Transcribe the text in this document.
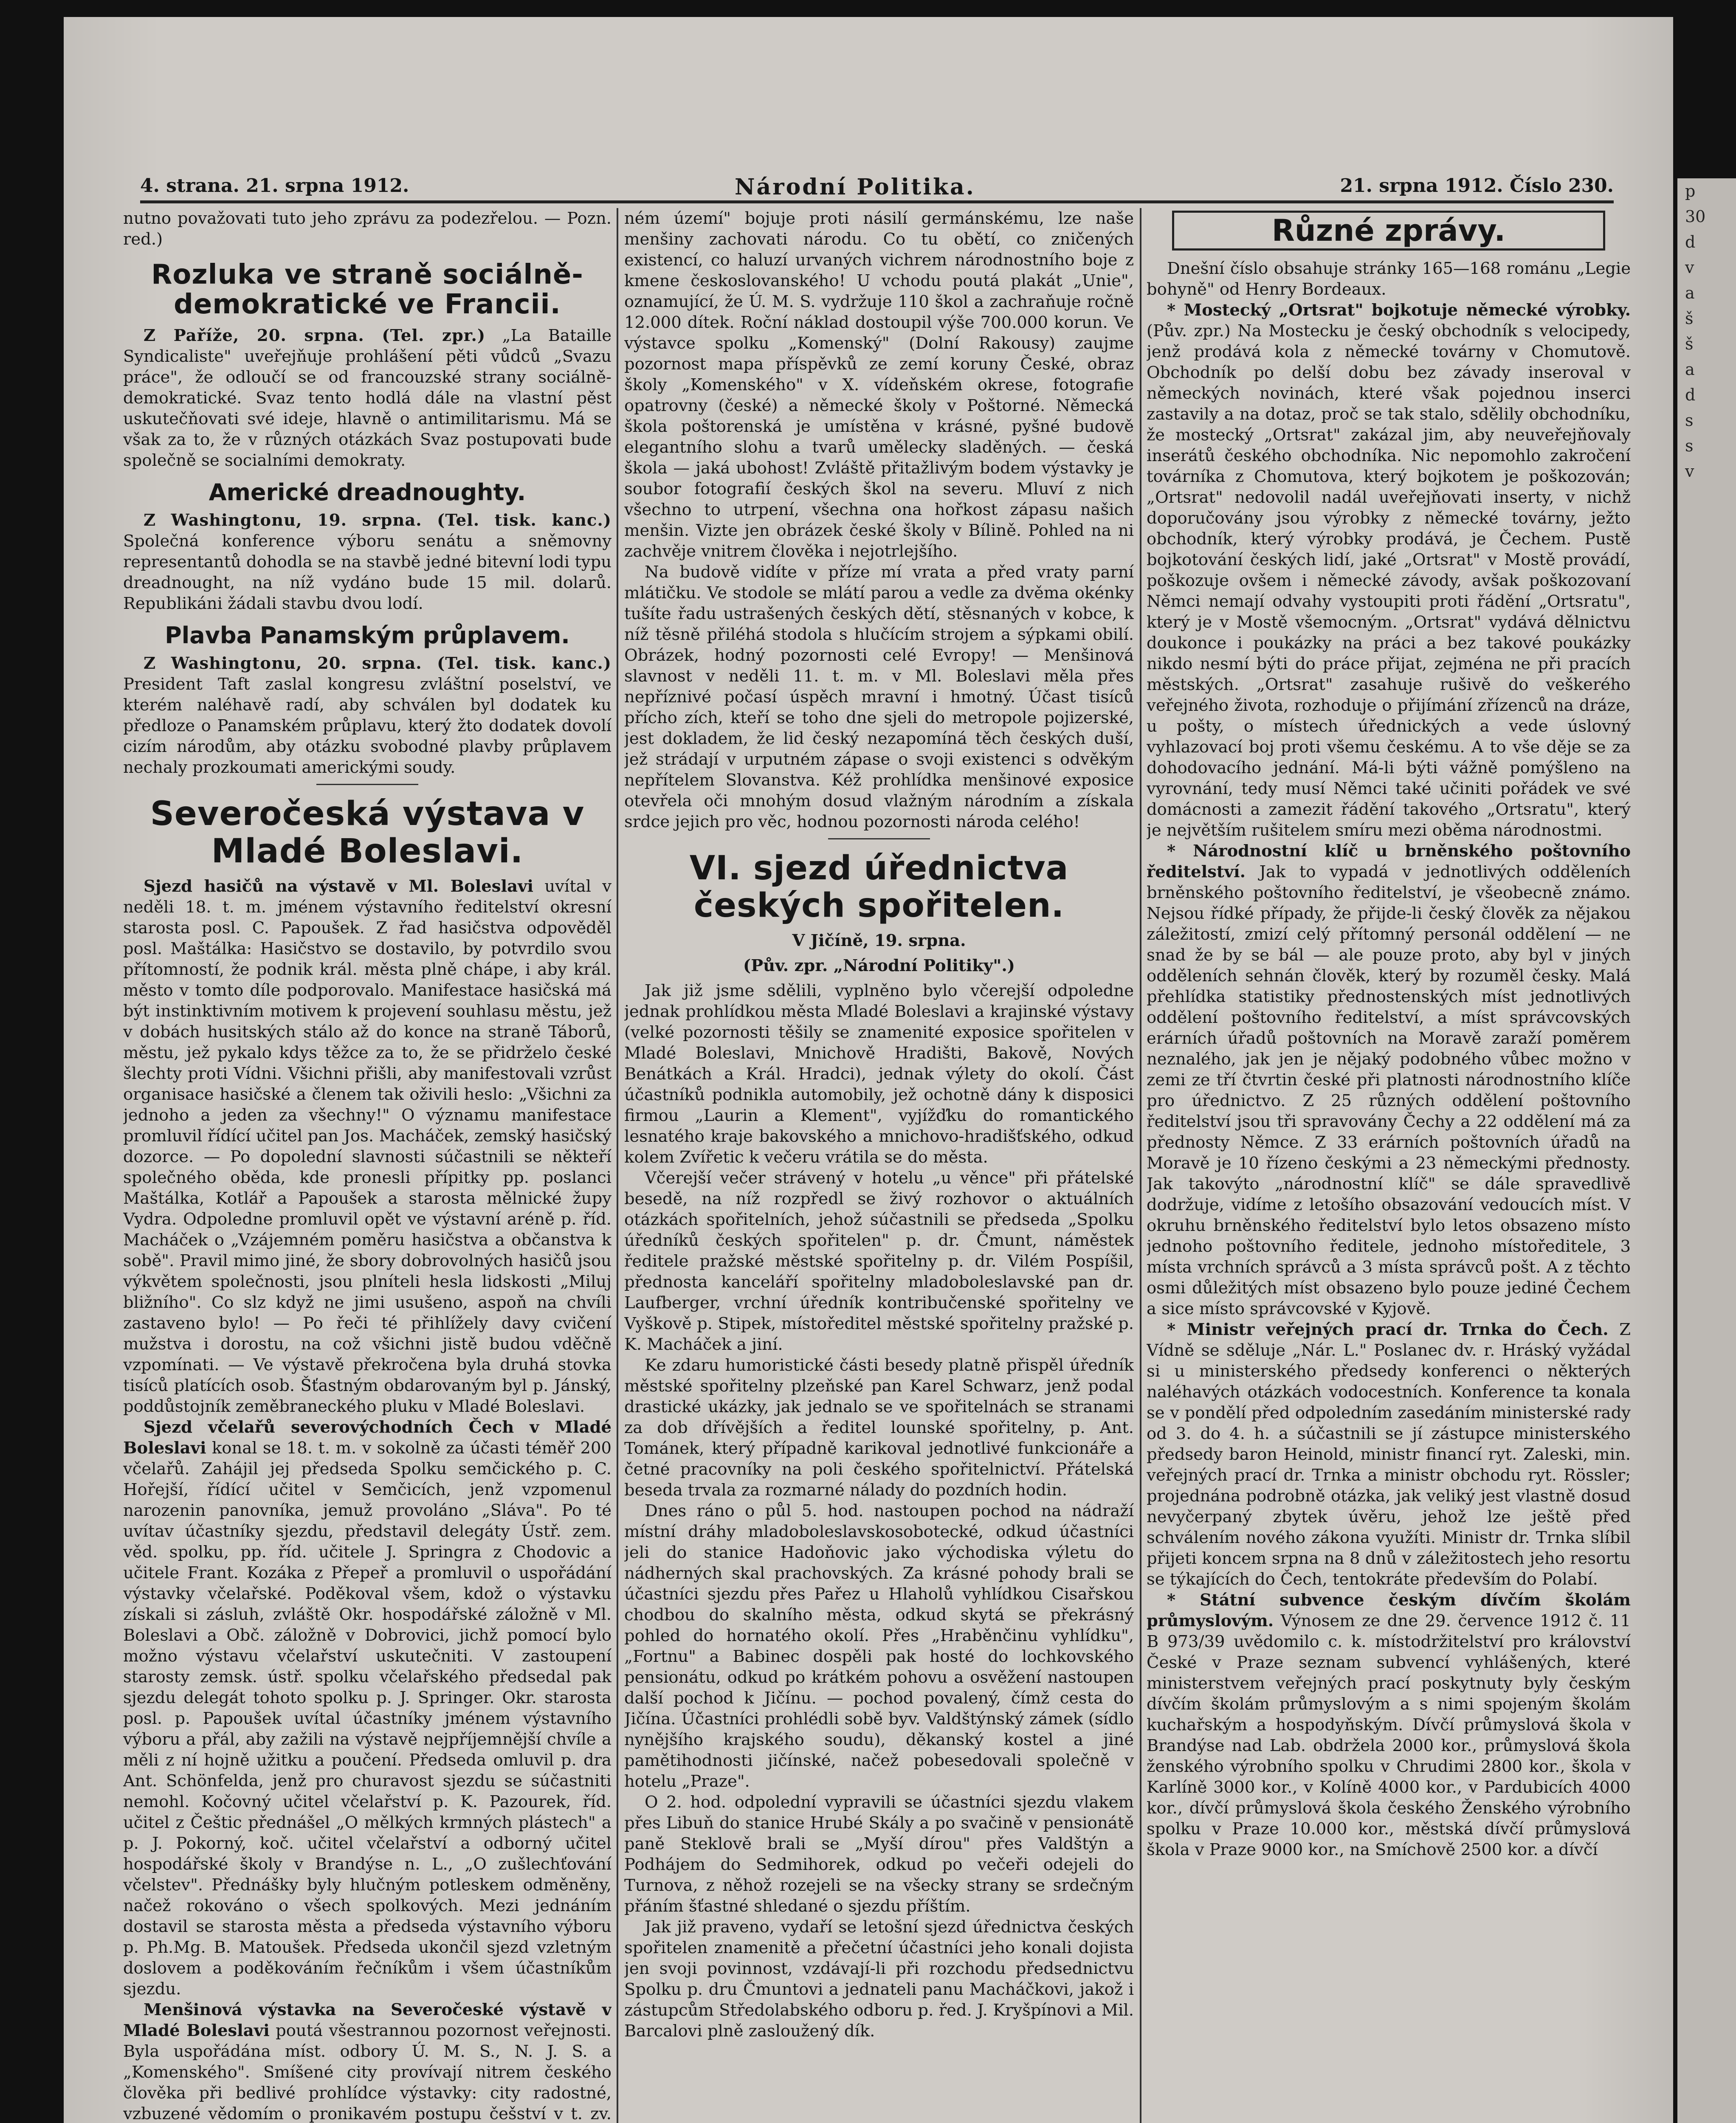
p
30
d
v
a
š
š
a
d
s
s
v
4. strana. 21. srpna 1912.	Národní Politika.	21. srpna 1912. Číslo 230.

nutno považovati tuto jeho zprávu za podezřelou. — Pozn. red.)

Rozluka ve straně sociálně-demokratické ve Francii.

Z Paříže, 20. srpna. (Tel. zpr.) „La Bataille Syndicaliste" uveřejňuje prohlášení pěti vůdců „Svazu práce", že odloučí se od francouzské strany sociálně-demokratické. Svaz tento hodlá dále na vlastní pěst uskutečňovati své ideje, hlavně o antimilitarismu. Má se však za to, že v různých otázkách Svaz postupovati bude společně se socialními demokraty.

Americké dreadnoughty.

Z Washingtonu, 19. srpna. (Tel. tisk. kanc.) Společná konference výboru senátu a sněmovny representantů dohodla se na stavbě jedné bitevní lodi typu dreadnought, na níž vydáno bude 15 mil. dolarů. Republikáni žádali stavbu dvou lodí.

Plavba Panamským průplavem.

Z Washingtonu, 20. srpna. (Tel. tisk. kanc.) President Taft zaslal kongresu zvláštní poselství, ve kterém naléhavě radí, aby schválen byl dodatek ku předloze o Panamském průplavu, který žto dodatek dovolí cizím národům, aby otázku svobodné plavby průplavem nechaly prozkoumati americkými soudy.

Severočeská výstava v Mladé Boleslavi.

Sjezd hasičů na výstavě v Ml. Boleslavi uvítal v neděli 18. t. m. jménem výstavního ředitelství okresní starosta posl. C. Papoušek. Z řad hasičstva odpověděl posl. Maštálka: Hasičstvo se dostavilo, by potvrdilo svou přítomností, že podnik král. města plně chápe, i aby král. město v tomto díle podporovalo. Manifestace hasičská má být instinktivním motivem k projevení souhlasu městu, jež v dobách husitských stálo až do konce na straně Táborů, městu, jež pykalo kdys těžce za to, že se přidrželo české šlechty proti Vídni. Všichni přišli, aby manifestovali vzrůst organisace hasičské a členem tak oživili heslo: „Všichni za jednoho a jeden za všechny!" O významu manifestace promluvil řídící učitel pan Jos. Macháček, zemský hasičský dozorce. — Po dopolední slavnosti súčastnili se někteří společného oběda, kde pronesli přípitky pp. poslanci Maštálka, Kotlář a Papoušek a starosta mělnické župy Vydra. Odpoledne promluvil opět ve výstavní aréně p. říd. Macháček o „Vzájemném poměru hasičstva a občanstva k sobě". Pravil mimo jiné, že sbory dobrovolných hasičů jsou výkvětem společnosti, jsou plníteli hesla lidskosti „Miluj bližního". Co slz když ne jimi usušeno, aspoň na chvíli zastaveno bylo! — Po řeči té přihlížely davy cvičení mužstva i dorostu, na což všichni jistě budou vděčně vzpomínati. — Ve výstavě překročena byla druhá stovka tisíců platících osob. Šťastným obdarovaným byl p. Jánský, poddůstojník zeměbraneckého pluku v Mladé Boleslavi.

Sjezd včelařů severovýchodních Čech v Mladé Boleslavi konal se 18. t. m. v sokolně za účasti téměř 200 včelařů. Zahájil jej předseda Spolku semčického p. C. Hořejší, řídící učitel v Semčicích, jenž vzpomenul narozenin panovníka, jemuž provoláno „Sláva". Po té uvítav účastníky sjezdu, představil delegáty Ústř. zem. věd. spolku, pp. říd. učitele J. Springra z Chodovic a učitele Frant. Kozáka z Přepeř a promluvil o uspořádání výstavky včelařské. Poděkoval všem, kdož o výstavku získali si zásluh, zvláště Okr. hospodářské záložně v Ml. Boleslavi a Obč. záložně v Dobrovici, jichž pomocí bylo možno výstavu včelařství uskutečniti. V zastoupení starosty zemsk. ústř. spolku včelařského předsedal pak sjezdu delegát tohoto spolku p. J. Springer. Okr. starosta posl. p. Papoušek uvítal účastníky jménem výstavního výboru a přál, aby zažili na výstavě nejpříjemnější chvíle a měli z ní hojně užitku a poučení. Předseda omluvil p. dra Ant. Schönfelda, jenž pro churavost sjezdu se súčastniti nemohl. Kočovný učitel včelařství p. K. Pazourek, říd. učitel z Češtic přednášel „O mělkých krmných plástech" a p. J. Pokorný, koč. učitel včelařství a odborný učitel hospodářské školy v Brandýse n. L., „O zušlechťování včelstev". Přednášky byly hlučným potleskem odměněny, načež rokováno o všech spolkových. Mezi jednáním dostavil se starosta města a předseda výstavního výboru p. Ph.Mg. B. Matoušek. Předseda ukončil sjezd vzletným doslovem a poděkováním řečníkům i všem účastníkům sjezdu.

Menšinová výstavka na Severočeské výstavě v Mladé Boleslavi poutá všestrannou pozornost veřejnosti. Byla uspořádána míst. odbory Ú. M. S., N. J. S. a „Komenského". Smíšené city provívají nitrem českého člověka při bedlivé prohlídce výstavky: city radostné, vzbuzené vědomím o pronikavém postupu češství v t. zv.

ném území" bojuje proti násilí germánskému, lze naše menšiny zachovati národu. Co tu obětí, co zničených existencí, co haluzí urvaných vichrem národnostního boje z kmene českoslovanského! U vchodu poutá plakát „Unie", oznamující, že Ú. M. S. vydržuje 110 škol a zachraňuje ročně 12.000 dítek. Roční náklad dostoupil výše 700.000 korun. Ve výstavce spolku „Komenský" (Dolní Rakousy) zaujme pozornost mapa příspěvků ze zemí koruny České, obraz školy „Komenského" v X. vídeňském okrese, fotografie opatrovny (české) a německé školy v Poštorné. Německá škola poštorenská je umístěna v krásné, pyšné budově elegantního slohu a tvarů umělecky sladěných. — česká škola — jaká ubohost! Zvláště přitažlivým bodem výstavky je soubor fotografií českých škol na severu. Mluví z nich všechno to utrpení, všechna ona hořkost zápasu našich menšin. Vizte jen obrázek české školy v Bílině. Pohled na ni zachvěje vnitrem člověka i nejotrlejšího.

Na budově vidíte v příze mí vrata a před vraty parní mlátičku. Ve stodole se mlátí parou a vedle za dvěma okénky tušíte řadu ustrašených českých dětí, stěsnaných v kobce, k níž těsně přiléhá stodola s hlučícím strojem a sýpkami obilí. Obrázek, hodný pozornosti celé Evropy! — Menšinová slavnost v neděli 11. t. m. v Ml. Boleslavi měla přes nepříznivé počasí úspěch mravní i hmotný. Účast tisíců přícho zích, kteří se toho dne sjeli do metropole pojizerské, jest dokladem, že lid český nezapomíná těch českých duší, jež strádají v urputném zápase o svoji existenci s odvěkým nepřítelem Slovanstva. Kéž prohlídka menšinové exposice otevřela oči mnohým dosud vlažným národním a získala srdce jejich pro věc, hodnou pozornosti národa celého!

VI. sjezd úřednictva českých spořitelen.

V Jičíně, 19. srpna.

(Pův. zpr. „Národní Politiky".)

Jak již jsme sdělili, vyplněno bylo včerejší odpoledne jednak prohlídkou města Mladé Boleslavi a krajinské výstavy (velké pozornosti těšily se znamenité exposice spořitelen v Mladé Boleslavi, Mnichově Hradišti, Bakově, Nových Benátkách a Král. Hradci), jednak výlety do okolí. Část účastníků podnikla automobily, jež ochotně dány k disposici firmou „Laurin a Klement", vyjížďku do romantického lesnatého kraje bakovského a mnichovo-hradišťského, odkud kolem Zvířetic k večeru vrátila se do města.

Včerejší večer strávený v hotelu „u věnce" při přátelské besedě, na níž rozpředl se živý rozhovor o aktuálních otázkách spořitelních, jehož súčastnili se předseda „Spolku úředníků českých spořitelen" p. dr. Čmunt, náměstek ředitele pražské městské spořitelny p. dr. Vilém Pospíšil, přednosta kanceláří spořitelny mladoboleslavské pan dr. Laufberger, vrchní úředník kontribučenské spořitelny ve Vyškově p. Stipek, místoředitel městské spořitelny pražské p. K. Macháček a jiní.

Ke zdaru humoristické části besedy platně přispěl úředník městské spořitelny plzeňské pan Karel Schwarz, jenž podal drastické ukázky, jak jednalo se ve spořitelnách se stranami za dob dřívějších a ředitel lounské spořitelny, p. Ant. Tománek, který případně karikoval jednotlivé funkcionáře a četné pracovníky na poli českého spořitelnictví. Přátelská beseda trvala za rozmarné nálady do pozdních hodin.

Dnes ráno o půl 5. hod. nastoupen pochod na nádraží místní dráhy mladoboleslavskosobotecké, odkud účastníci jeli do stanice Hadoňovic jako východiska výletu do nádherných skal prachovských. Za krásné pohody brali se účastníci sjezdu přes Pařez u Hlaholů vyhlídkou Cisařskou chodbou do skalního města, odkud skytá se překrásný pohled do hornatého okolí. Přes „Hraběnčinu vyhlídku", „Fortnu" a Babinec dospěli pak hosté do lochkovského pensionátu, odkud po krátkém pohovu a osvěžení nastoupen další pochod k Jičínu. — pochod povalený, čímž cesta do Jičína. Účastníci prohlédli sobě byv. Valdštýnský zámek (sídlo nynějšího krajského soudu), děkanský kostel a jiné pamětihodnosti jičínské, načež pobesedovali společně v hotelu „Praze".

O 2. hod. odpolední vypravili se účastníci sjezdu vlakem přes Libuň do stanice Hrubé Skály a po svačině v pensionátě paně Steklově brali se „Myší dírou" přes Valdštýn a Podhájem do Sedmihorek, odkud po večeři odejeli do Turnova, z něhož rozejeli se na všecky strany se srdečným přáním šťastné shledané o sjezdu příštím.

Jak již praveno, vydaří se letošní sjezd úřednictva českých spořitelen znamenitě a přečetní účastníci jeho konali dojista jen svoji povinnost, vzdávají-li při rozchodu předsednictvu Spolku p. dru Čmuntovi a jednateli panu Macháčkovi, jakož i zástupcům Středolabského odboru p. řed. J. Kryšpínovi a Mil. Barcalovi plně zasloužený dík.

Různé zprávy.

Dnešní číslo obsahuje stránky 165—168 románu „Legie bohyně" od Henry Bordeaux.

* Mostecký „Ortsrat" bojkotuje německé výrobky. (Pův. zpr.) Na Mostecku je český obchodník s velocipedy, jenž prodává kola z německé továrny v Chomutově. Obchodník po delší dobu bez závady inseroval v německých novinách, které však pojednou inserci zastavily a na dotaz, proč se tak stalo, sdělily obchodníku, že mostecký „Ortsrat" zakázal jim, aby neuveřejňovaly inserátů českého obchodníka. Nic nepomohlo zakročení továrníka z Chomutova, který bojkotem je poškozován; „Ortsrat" nedovolil nadál uveřejňovati inserty, v nichž doporučovány jsou výrobky z německé továrny, ježto obchodník, který výrobky prodává, je Čechem. Pustě bojkotování českých lidí, jaké „Ortsrat" v Mostě provádí, poškozuje ovšem i německé závody, avšak poškozovaní Němci nemají odvahy vystoupiti proti řádění „Ortsratu", který je v Mostě všemocným. „Ortsrat" vydává dělnictvu doukonce i poukázky na práci a bez takové poukázky nikdo nesmí býti do práce přijat, zejména ne při pracích městských. „Ortsrat" zasahuje rušivě do veškerého veřejného života, rozhoduje o přijímání zřízenců na dráze, u pošty, o místech úřednických a vede úslovný vyhlazovací boj proti všemu českému. A to vše děje se za dohodovacího jednání. Má-li býti vážně pomýšleno na vyrovnání, tedy musí Němci také učiniti pořádek ve své domácnosti a zamezit řádění takového „Ortsratu", který je největším rušitelem smíru mezi oběma národnostmi.

* Národnostní klíč u brněnského poštovního ředitelství. Jak to vypadá v jednotlivých odděleních brněnského poštovního ředitelství, je všeobecně známo. Nejsou řídké případy, že přijde-li český člověk za nějakou záležitostí, zmizí celý přítomný personál oddělení — ne snad že by se bál — ale pouze proto, aby byl v jiných odděleních sehnán člověk, který by rozuměl česky. Malá přehlídka statistiky přednostenských míst jednotlivých oddělení poštovního ředitelství, a míst správcovských erárních úřadů poštovních na Moravě zaraží poměrem neznalého, jak jen je nějaký podobného vůbec možno v zemi ze tří čtvrtin české při platnosti národnostního klíče pro úřednictvo. Z 25 různých oddělení poštovního ředitelství jsou tři spravovány Čechy a 22 oddělení má za přednosty Němce. Z 33 erárních poštovních úřadů na Moravě je 10 řízeno českými a 23 německými přednosty. Jak takovýto „národnostní klíč" se dále spravedlivě dodržuje, vidíme z letošího obsazování vedoucích míst. V okruhu brněnského ředitelství bylo letos obsazeno místo jednoho poštovního ředitele, jednoho místoředitele, 3 místa vrchních správců a 3 místa správců pošt. A z těchto osmi důležitých míst obsazeno bylo pouze jediné Čechem a sice místo správcovské v Kyjově.

* Ministr veřejných prací dr. Trnka do Čech. Z Vídně se sděluje „Nár. L." Poslanec dv. r. Hráský vyžádal si u ministerského předsedy konferenci o některých naléhavých otázkách vodocestních. Konference ta konala se v pondělí před odpoledním zasedáním ministerské rady od 3. do 4. h. a súčastnili se jí zástupce ministerského předsedy baron Heinold, ministr financí ryt. Zaleski, min. veřejných prací dr. Trnka a ministr obchodu ryt. Rössler; projednána podrobně otázka, jak veliký jest vlastně dosud nevyčerpaný zbytek úvěru, jehož lze ještě před schválením nového zákona využíti. Ministr dr. Trnka slíbil přijeti koncem srpna na 8 dnů v záležitostech jeho resortu se týkajících do Čech, tentokráte především do Polabí.

* Státní subvence českým dívčím školám průmyslovým. Výnosem ze dne 29. července 1912 č. 11 B 973/39 uvědomilo c. k. místodržitelství pro království České v Praze seznam subvencí vyhlášených, které ministerstvem veřejných prací poskytnuty byly českým dívčím školám průmyslovým a s nimi spojeným školám kuchařským a hospodyňským. Dívčí průmyslová škola v Brandýse nad Lab. obdržela 2000 kor., průmyslová škola ženského výrobního spolku v Chrudimi 2800 kor., škola v Karlíně 3000 kor., v Kolíně 4000 kor., v Pardubicích 4000 kor., dívčí průmyslová škola českého Ženského výrobního spolku v Praze 10.000 kor., městská dívčí průmyslová škola v Praze 9000 kor., na Smíchově 2500 kor. a dívčí
